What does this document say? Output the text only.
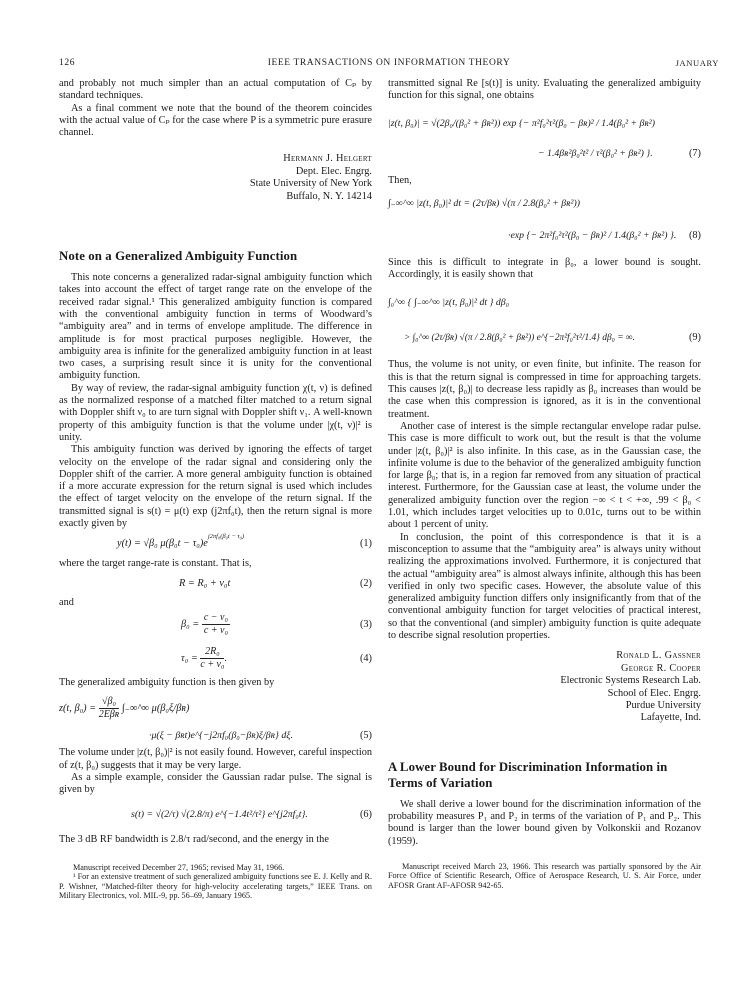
126	IEEE TRANSACTIONS ON INFORMATION THEORY	JANUARY

and probably not much simpler than an actual computation of Cₚ by standard techniques.

As a final comment we note that the bound of the theorem coincides with the actual value of Cₚ for the case where P is a symmetric pure erasure channel.

Hermann J. Helgert
Dept. Elec. Engrg.
State University of New York
Buffalo, N. Y. 14214
Note on a Generalized Ambiguity Function

This note concerns a generalized radar-signal ambiguity function which takes into account the effect of target range rate on the envelope of the received radar signal.¹ This generalized ambiguity function is compared with the conventional ambiguity function in terms of Woodward’s “ambiguity area” and in terms of envelope amplitude. The difference in amplitude is for most practical purposes negligible. However, the ambiguity area is infinite for the generalized ambiguity function in at least two cases, a surprising result since it is unity for the conventional ambiguity function.

By way of review, the radar-signal ambiguity function χ(t, ν) is defined as the normalized response of a matched filter matched to a return signal with Doppler shift ν₀ to are turn signal with Doppler shift ν₁. A well-known property of this ambiguity function is that the volume under |χ(t, ν)|² is unity.

This ambiguity function was derived by ignoring the effects of target velocity on the envelope of the radar signal and considering only the Doppler shift of the carrier. A more general ambiguity function is obtained if a more accurate expression for the return signal is used which includes the effect of target velocity on the envelope of the return signal. If the transmitted signal is s(t) = μ(t) exp (j2πf₀t), then the return signal is more exactly given by

y(t) = √β₀ $\mu(\beta_0t - \tau_0)e^{j2\pi f_0(\beta_0t - \tau_0)}$
(1)

where the target range-rate is constant. That is,

R = R₀ + v₀t	(2)

and

$\beta_0 = \frac{\text{c − v₀}}{\text{c + v₀}}$	(3)
$\tau_0 = \frac{\text{2R₀}}{\text{c + v₀}}$ .	(4)

The generalized ambiguity function is then given by

z(t, β₀) =
√β₀
2Eβʀ
∫₋∞^∞ μ(β₀ξ/βʀ)
·μ(ξ − βʀt)e^{−j2πf₀(β₀−βʀ)ξ/βʀ} dξ.	(5)

The volume under |z(t, β₀)|² is not easily found. However, careful inspection of z(t, β₀) suggests that it may be very large.

As a simple example, consider the Gaussian radar pulse. The signal is given by

s(t) = √(2/τ) √(2.8/π) e^{−1.4t²/τ²} e^{j2πf₀t}.	(6)

The 3 dB RF bandwidth is 2.8/τ rad/second, and the energy in the

Manuscript received December 27, 1965; revised May 31, 1966.

¹ For an extensive treatment of such generalized ambiguity functions see E. J. Kelly and R. P. Wishner, “Matched-filter theory for high-velocity accelerating targets,” IEEE Trans. on Military Electronics, vol. MIL-9, pp. 56–69, January 1965.

transmitted signal Re [s(t)] is unity. Evaluating the generalized ambiguity function for this signal, one obtains

|z(t, β₀)| = √(2β₀/(β₀² + βʀ²)) exp {− π²f₀²τ²(β₀ − βʀ)² / 1.4(β₀² + βʀ²)
− 1.4βʀ²β₀²t² / τ²(β₀² + βʀ²) }.	(7)

Then,

∫₋∞^∞ |z(t, β₀)|² dt = (2τ/βʀ) √(π / 2.8(β₀² + βʀ²))
·exp {− 2π²f₀²τ²(β₀ − βʀ)² / 1.4(β₀² + βʀ²) }. (8)

Since this is difficult to integrate in β₀, a lower bound is sought. Accordingly, it is easily shown that

∫₀^∞ { ∫₋∞^∞ |z(t, β₀)|² dt } dβ₀
> ∫₀^∞ (2τ/βʀ) √(π / 2.8(β₀² + βʀ²)) e^{−2π²f₀²τ²/1.4} dβ₀ = ∞.	(9)

Thus, the volume is not unity, or even finite, but infinite. The reason for this is that the return signal is compressed in time for approaching targets. This causes |z(t, β₀)| to decrease less rapidly as β₀ increases than would be the case when this compression is ignored, as it is in the conventional treatment.

Another case of interest is the simple rectangular envelope radar pulse. This case is more difficult to work out, but the result is that the volume under |z(t, β₀)|² is also infinite. In this case, as in the Gaussian case, the infinite volume is due to the behavior of the generalized ambiguity function for large β₀; that is, in a region far removed from any situation of practical interest. Furthermore, for the Gaussian case at least, the volume under the generalized ambiguity function over the region −∞ < t < +∞, .99 < β₀ < 1.01, which includes target velocities up to 0.01c, turns out to be within about 1 percent of unity.

In conclusion, the point of this correspondence is that it is a misconception to assume that the “ambiguity area” is always unity without realizing the approximations involved. Furthermore, it is conjectured that the actual “ambiguity area” is almost always infinite, although this has been verified in only two specific cases. However, the absolute value of this generalized ambiguity function differs only insignificantly from that of the conventional ambiguity function for target velocities of practical interest, so that the conventional (and simpler) ambiguity function is quite adequate to describe signal resolution properties.

Ronald L. Gassner
George R. Cooper
Electronic Systems Research Lab.
School of Elec. Engrg.
Purdue University
Lafayette, Ind.
A Lower Bound for Discrimination Information in Terms of Variation

We shall derive a lower bound for the discrimination information of the probability measures P₁ and P₂ in terms of the variation of P₁ and P₂. This bound is larger than the lower bound given by Volkonskii and Rozanov (1959).

Manuscript received March 23, 1966. This research was partially sponsored by the Air Force Office of Scientific Research, Office of Aerospace Research, U. S. Air Force, under AFOSR Grant AF-AFOSR 942-65.
